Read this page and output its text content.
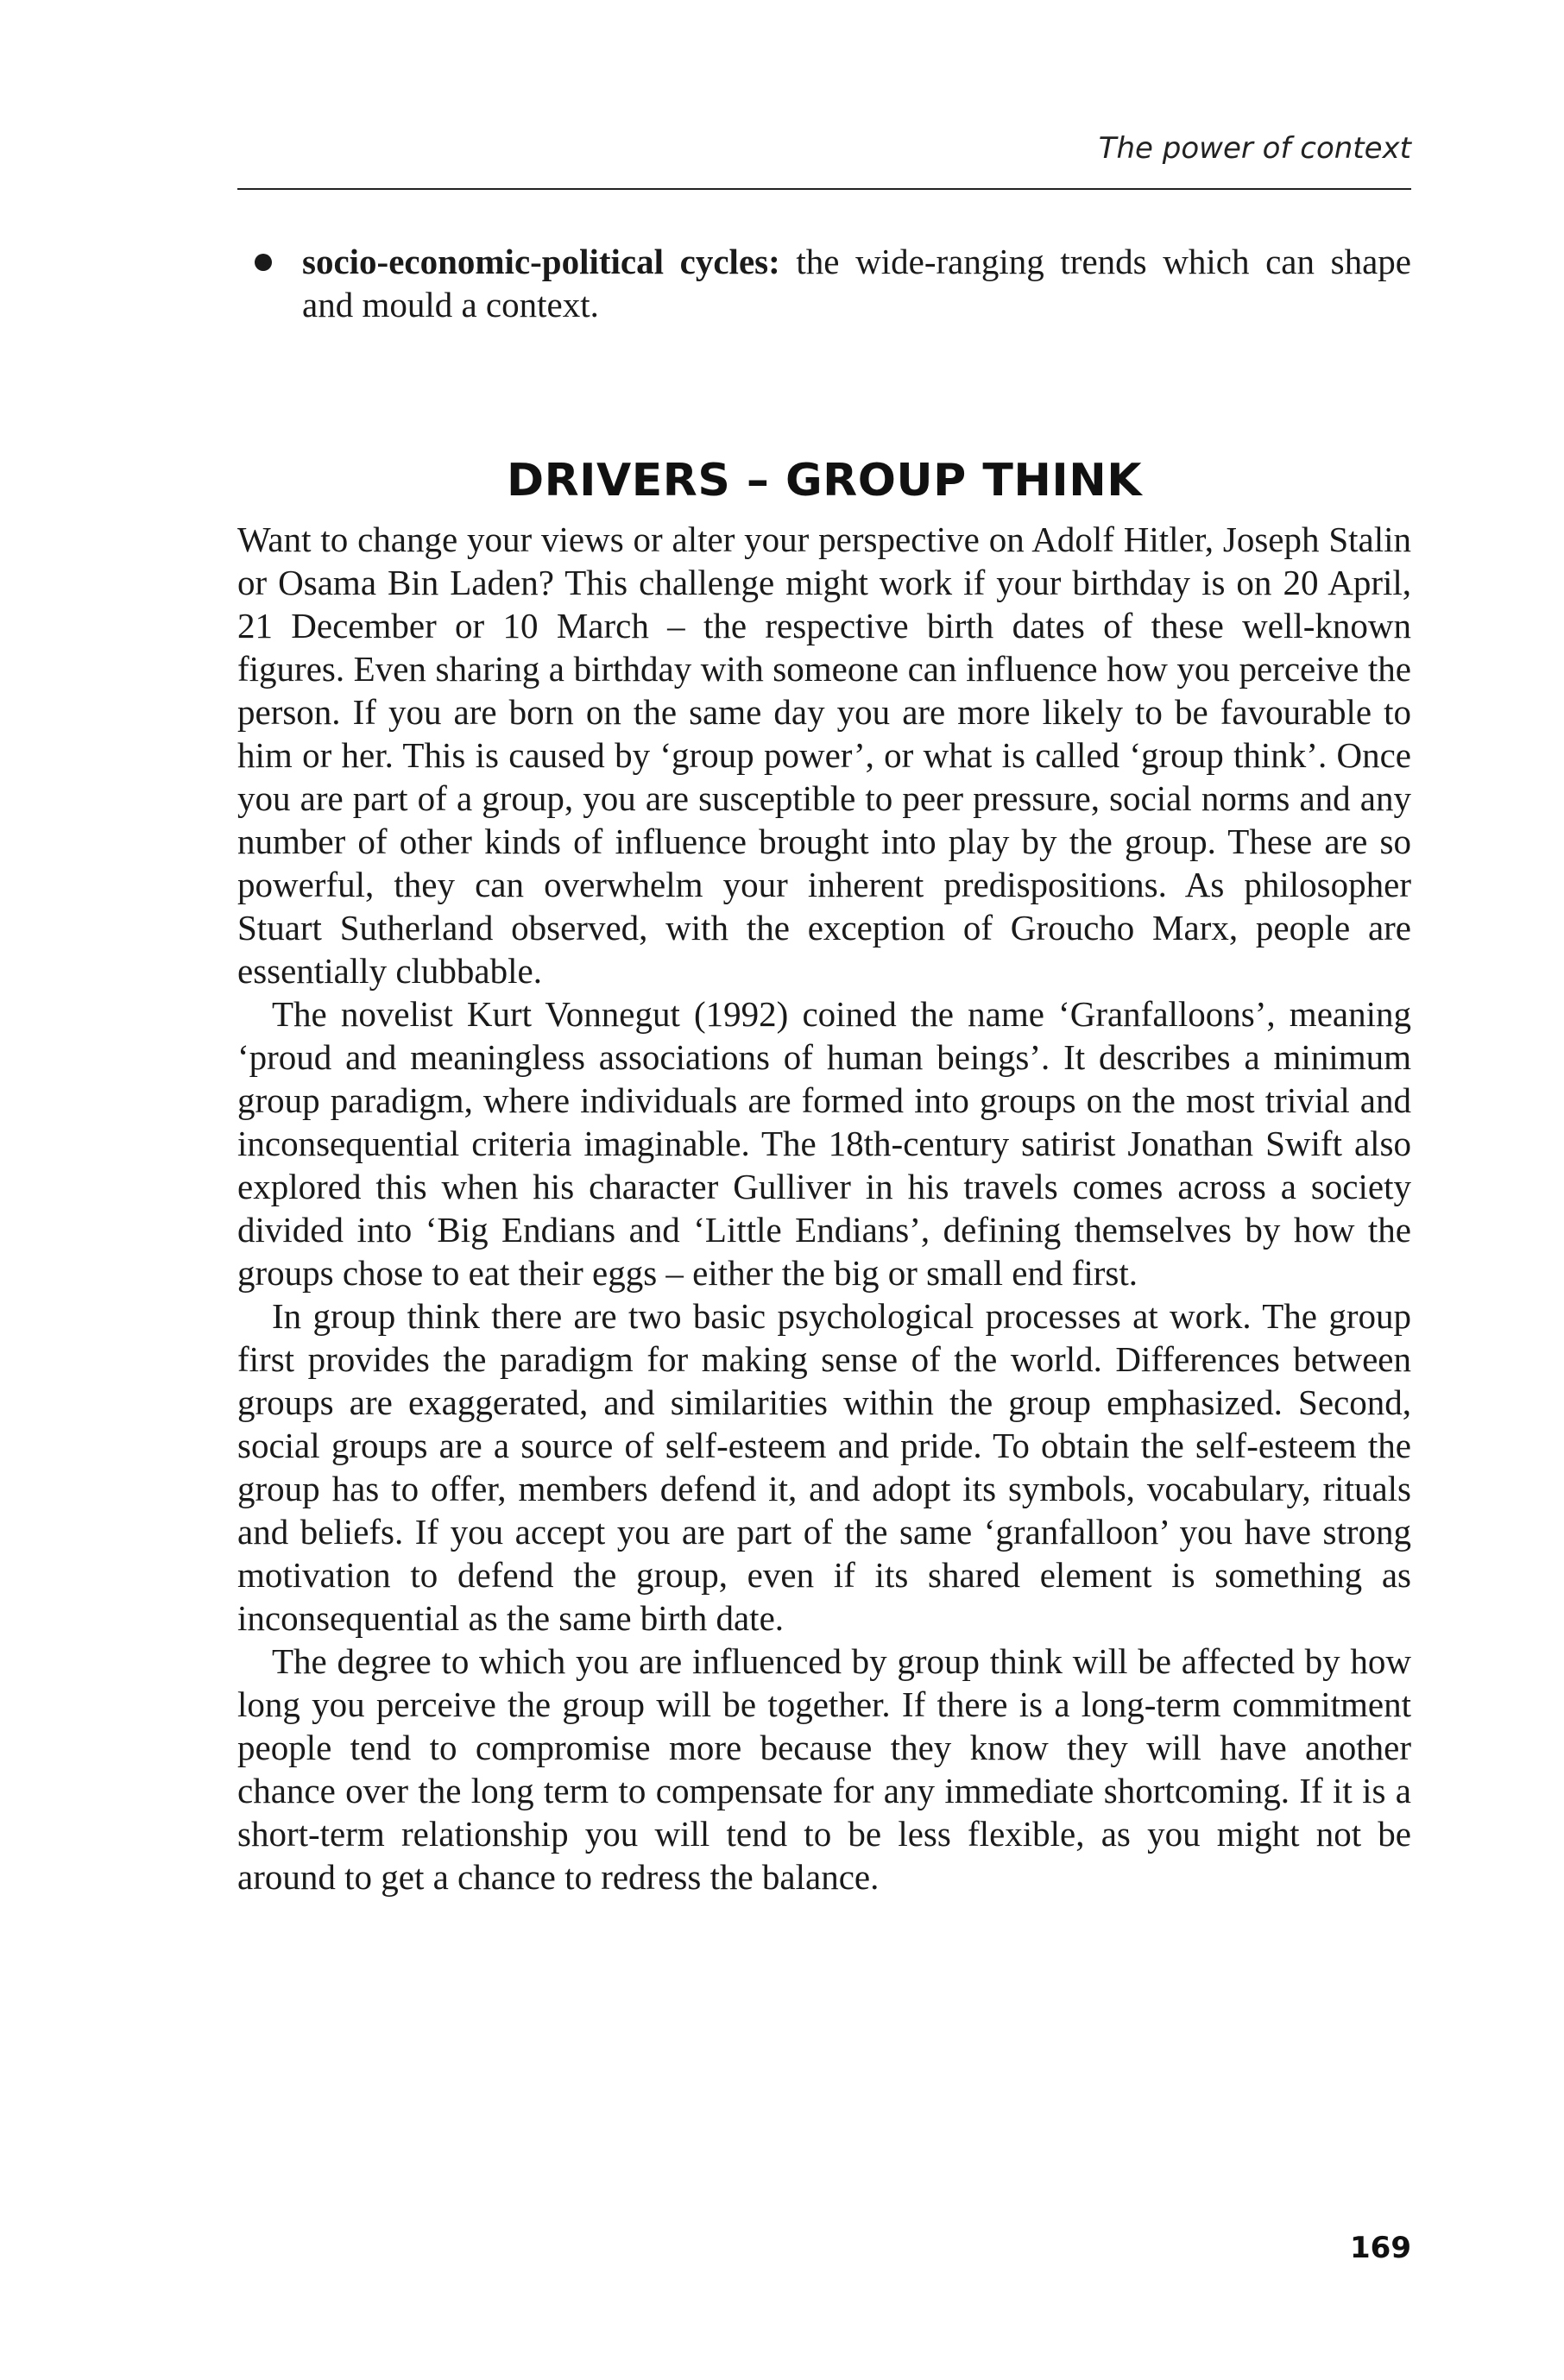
The power of context
socio-economic-political cycles: the wide-ranging trends which can shape and mould a context.
DRIVERS – GROUP THINK

Want to change your views or alter your perspective on Adolf Hitler, Joseph Stalin or Osama Bin Laden? This challenge might work if your birthday is on 20 April, 21 December or 10 March – the respective birth dates of these well-known figures. Even sharing a birthday with someone can influence how you perceive the person. If you are born on the same day you are more likely to be favourable to him or her. This is caused by ‘group power’, or what is called ‘group think’. Once you are part of a group, you are susceptible to peer pressure, social norms and any number of other kinds of influence brought into play by the group. These are so powerful, they can overwhelm your inherent predispositions. As philosopher Stuart Sutherland observed, with the exception of Groucho Marx, people are essentially clubbable.

The novelist Kurt Vonnegut (1992) coined the name ‘Granfalloons’, meaning ‘proud and meaningless associations of human beings’. It describes a minimum group paradigm, where individuals are formed into groups on the most trivial and inconsequential criteria imaginable. The 18th-century satirist Jonathan Swift also explored this when his character Gulliver in his travels comes across a society divided into ‘Big Endians and ‘Little Endians’, defining themselves by how the groups chose to eat their eggs – either the big or small end first.

In group think there are two basic psychological processes at work. The group first provides the paradigm for making sense of the world. Differences between groups are exaggerated, and similarities within the group emphasized. Second, social groups are a source of self-esteem and pride. To obtain the self-esteem the group has to offer, members defend it, and adopt its symbols, vocabulary, rituals and beliefs. If you accept you are part of the same ‘granfalloon’ you have strong motivation to defend the group, even if its shared element is something as inconsequential as the same birth date.

The degree to which you are influenced by group think will be affected by how long you perceive the group will be together. If there is a long-term commitment people tend to compromise more because they know they will have another chance over the long term to compensate for any immediate shortcoming. If it is a short-term relationship you will tend to be less flexible, as you might not be around to get a chance to redress the balance.

169
